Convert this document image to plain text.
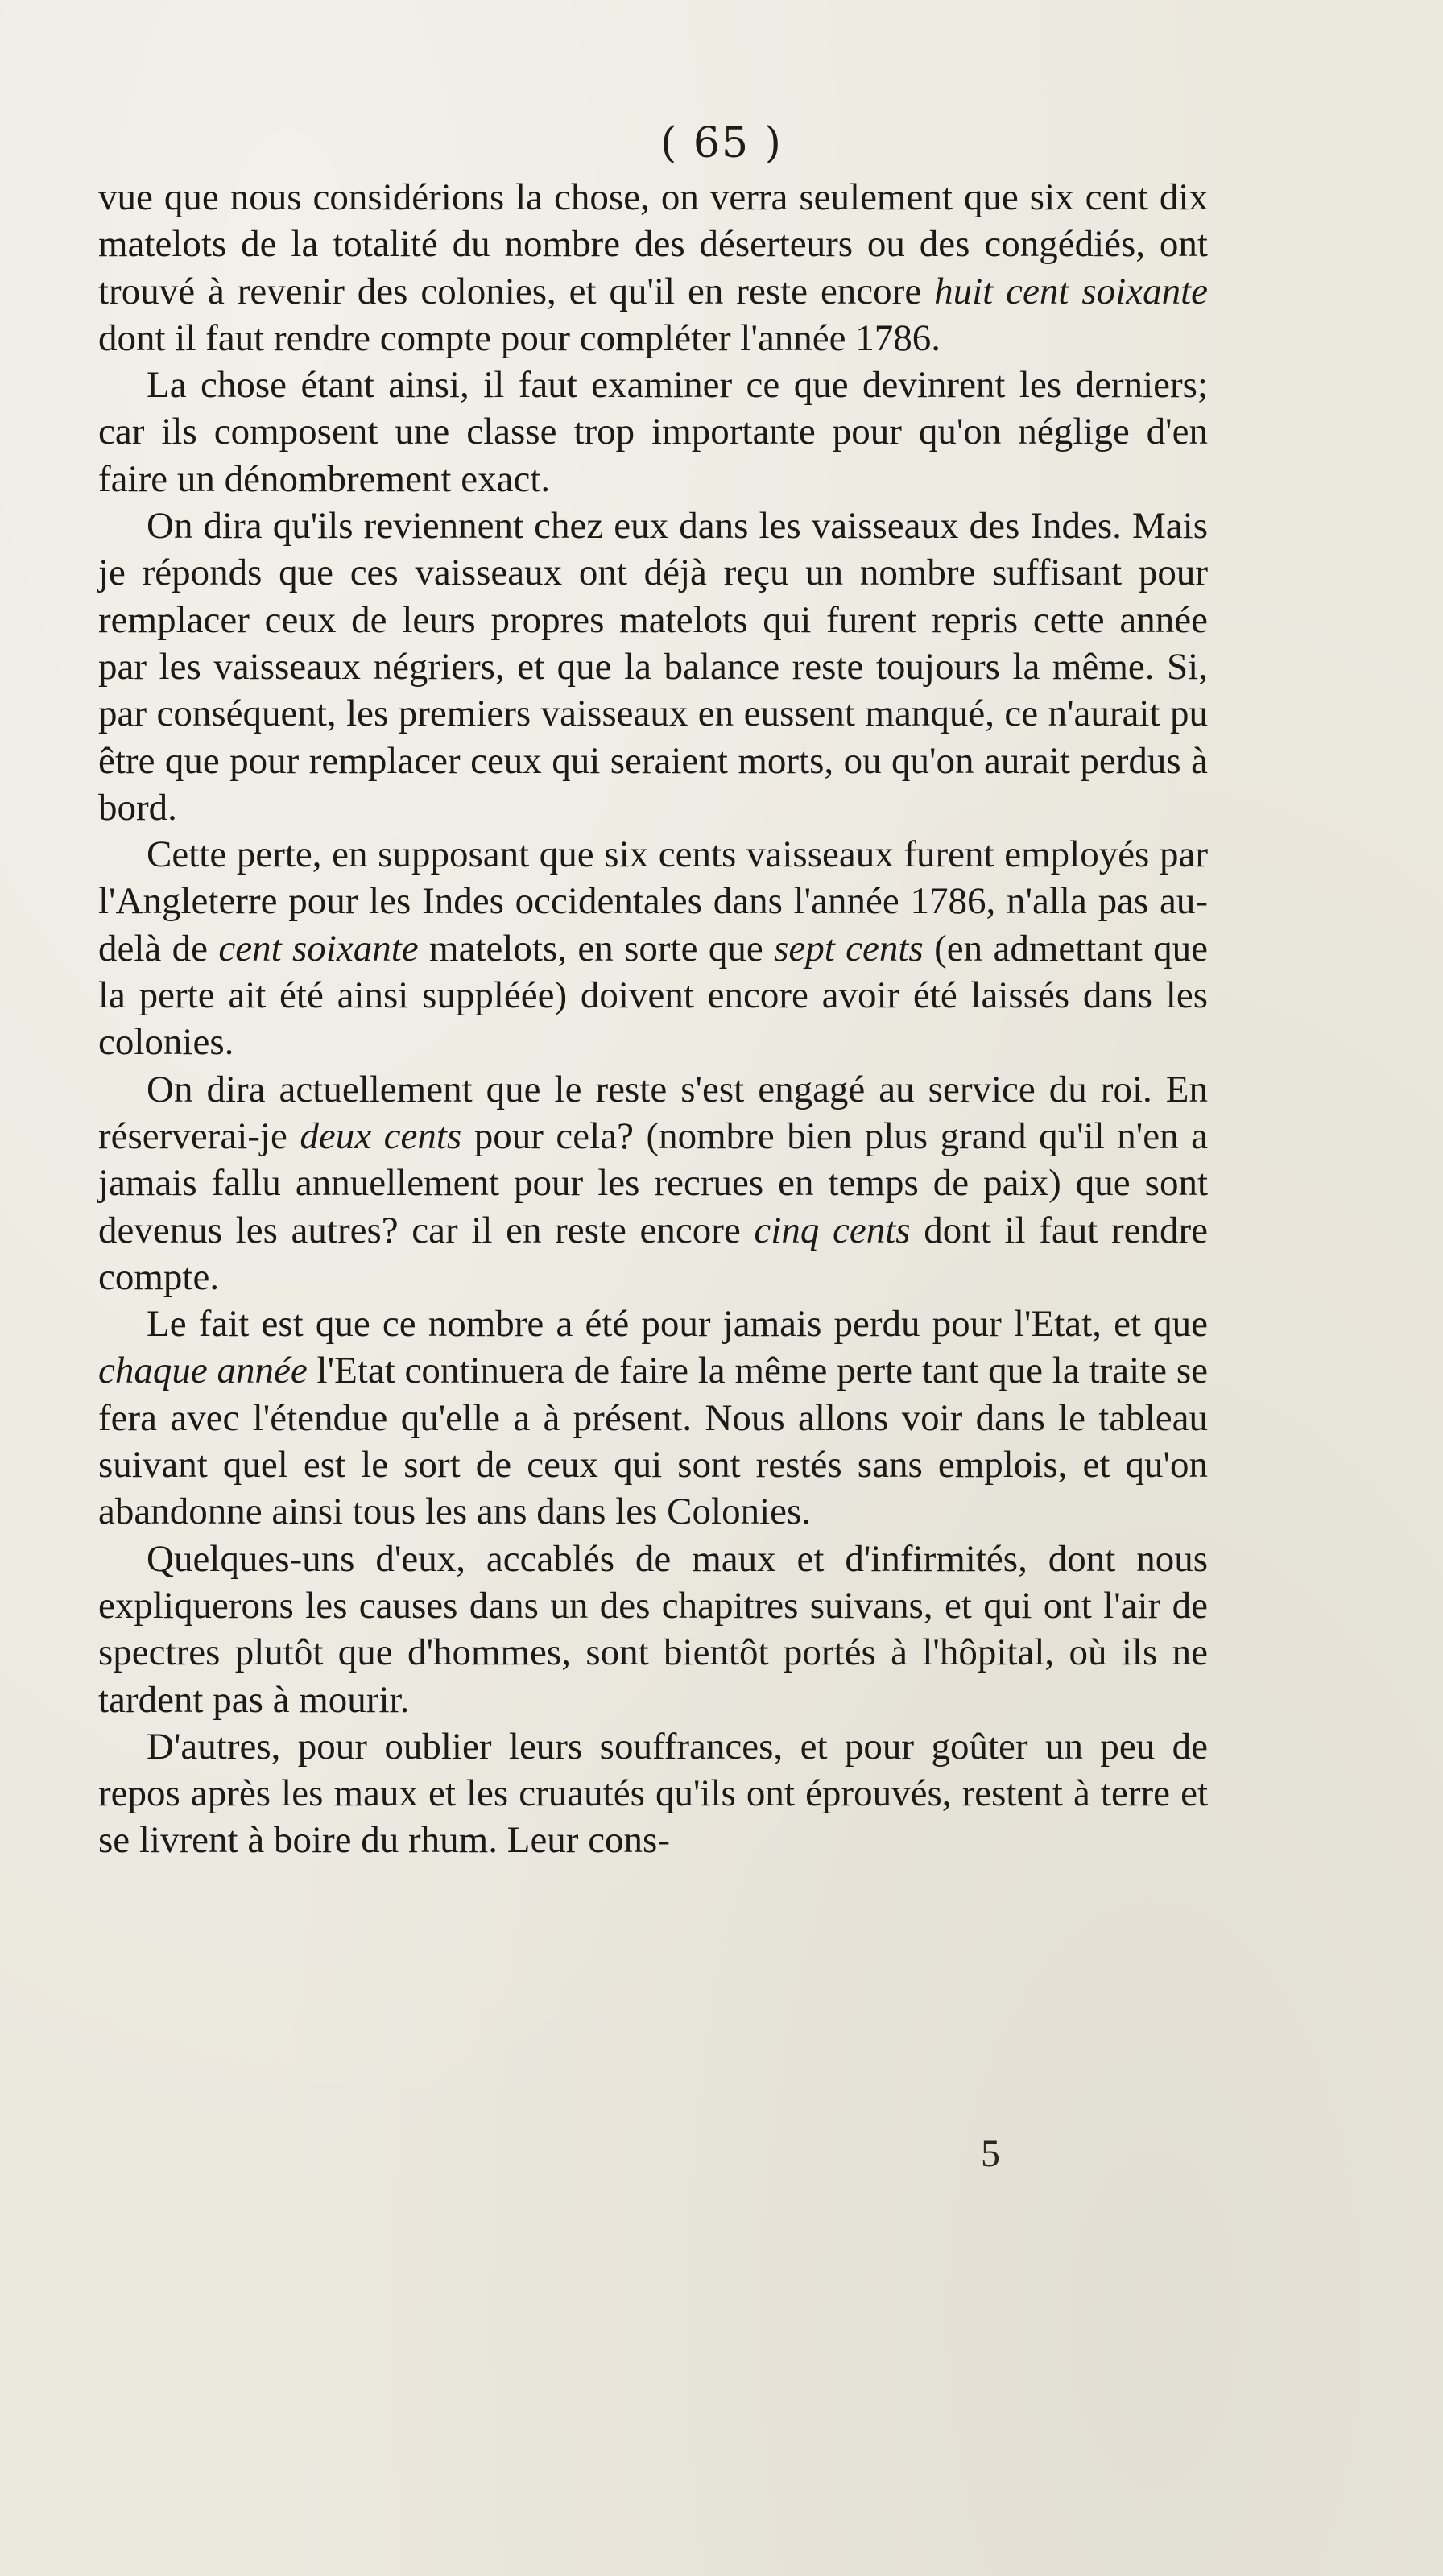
( 65 )

vue que nous considérions la chose, on verra seulement que six cent dix matelots de la totalité du nombre des déserteurs ou des congédiés, ont trouvé à revenir des colonies, et qu'il en reste encore huit cent soixante dont il faut rendre compte pour compléter l'année 1786.

La chose étant ainsi, il faut examiner ce que devinrent les derniers; car ils composent une classe trop importante pour qu'on néglige d'en faire un dénombrement exact.

On dira qu'ils reviennent chez eux dans les vaisseaux des Indes. Mais je réponds que ces vaisseaux ont déjà reçu un nombre suffisant pour remplacer ceux de leurs propres matelots qui furent repris cette année par les vaisseaux négriers, et que la balance reste toujours la même. Si, par conséquent, les premiers vaisseaux en eussent manqué, ce n'aurait pu être que pour remplacer ceux qui seraient morts, ou qu'on aurait perdus à bord.

Cette perte, en supposant que six cents vaisseaux furent employés par l'Angleterre pour les Indes occidentales dans l'année 1786, n'alla pas au-delà de cent soixante matelots, en sorte que sept cents (en admettant que la perte ait été ainsi suppléée) doivent encore avoir été laissés dans les colonies.

On dira actuellement que le reste s'est engagé au service du roi. En réserverai-je deux cents pour cela? (nombre bien plus grand qu'il n'en a jamais fallu annuellement pour les recrues en temps de paix) que sont devenus les autres? car il en reste encore cinq cents dont il faut rendre compte.

Le fait est que ce nombre a été pour jamais perdu pour l'Etat, et que chaque année l'Etat continuera de faire la même perte tant que la traite se fera avec l'étendue qu'elle a à présent. Nous allons voir dans le tableau suivant quel est le sort de ceux qui sont restés sans emplois, et qu'on abandonne ainsi tous les ans dans les Colonies.

Quelques-uns d'eux, accablés de maux et d'infirmités, dont nous expliquerons les causes dans un des chapitres suivans, et qui ont l'air de spectres plutôt que d'hommes, sont bientôt portés à l'hôpital, où ils ne tardent pas à mourir.

D'autres, pour oublier leurs souffrances, et pour goûter un peu de repos après les maux et les cruautés qu'ils ont éprouvés, restent à terre et se livrent à boire du rhum. Leur cons-

5
